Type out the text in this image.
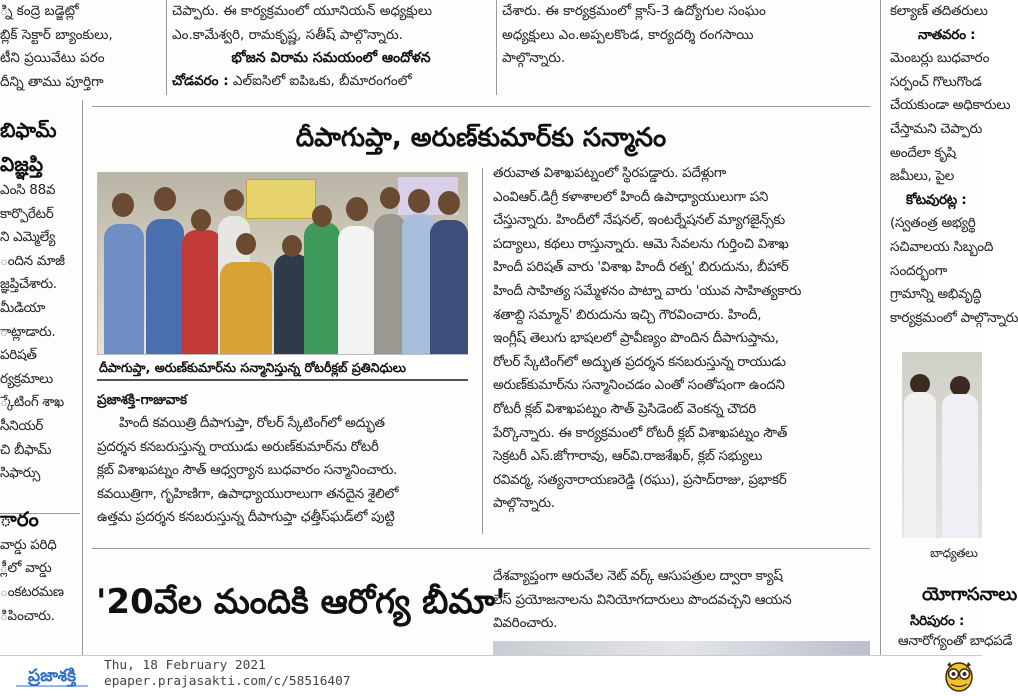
్ని కంద్రె బడ్జెట్లో
బ్లిక్ సెక్టార్ బ్యాంకులు,
టీని ప్రయివేటు పరం
దీన్ని తాము పూర్తిగా
చెప్పారు. ఈ కార్యక్రమంలో యూనియన్ అధ్యక్షులు
ఎం.కామేశ్వరి, రామకృష్ణ, సతీష్ పాల్గొన్నారు.
భోజన విరామ సమయంలో ఆందోళన
చోడవరం : ఎల్‌ఐసిలో ఐపిఒకు, బీమారంగంలో
చేశారు. ఈ కార్యక్రమంలో క్లాస్-3 ఉద్యోగుల సంఘం
అధ్యక్షులు ఎం.అప్పలకొండ, కార్యదర్శి రంగసాయి
పాల్గొన్నారు.
బిఫామ్
విజ్ఞప్తి
ఎంసి 88వ
కార్పొరేటర్
ని ఎమ్మెల్యే
ందిన మాజీ
జ్ఞప్తిచేశారు.
మీడియా
ాట్లాడారు.
పరిషత్
ర్యక్రమాలు
్కేటింగ్ శాఖ
సీనియర్
చి బీఫామ్
సిఫార్సు
ారం
వార్డు పరిధి
్లీలో వార్డు
ంకటరమణ
ిపించారు.
కల్యాణ్ తదితరులు
నాతవరం :
మెంబర్లు బుధవారం
సర్పంచ్ గొలుగొండ
చేయకుండా అధికారులు
చేస్తామని చెప్పారు
అందేలా కృషి
జమీలు, పైల
కోటవురట్ల :
(స్వతంత్ర అభ్యర్థి
సచివాలయ సిబ్బంది
సందర్భంగా
గ్రామాన్ని అభివృద్ధి
కార్యక్రమంలో పాల్గొన్నారు
బాధ్యతలు
యోగాసనాలు
సిరిపురం :
ఆనారోగ్యంతో బాధపడే
దీపాగుప్తా, అరుణ్‌కుమార్‌కు సన్మానం
దీపాగుప్తా, అరుణ్‌కుమార్‌ను సన్మానిస్తున్న రోటరీక్లబ్ ప్రతినిధులు
ప్రజాశక్తి-గాజువాక
హిందీ కవయిత్రి దీపాగుప్తా, రోలర్ స్కేటింగ్‌లో అద్భుత
ప్రదర్శన కనబరుస్తున్న రాయుడు అరుణ్‌కుమార్‌ను రోటరీ
క్లబ్ విశాఖపట్నం సౌత్ ఆధ్వర్యాన బుధవారం సన్మానించారు.
కవయిత్రిగా, గృహిణిగా, ఉపాధ్యాయురాలుగా తనదైన శైలిలో
ఉత్తమ ప్రదర్శన కనబరుస్తున్న దీపాగుప్తా ఛత్తీస్‌ఘడ్‌లో పుట్టి
తరువాత విశాఖపట్నంలో స్థిరపడ్డారు. పదేళ్లుగా
ఎంవిఆర్.డిగ్రీ కళాశాలలో హిందీ ఉపాధ్యాయులుగా పని
చేస్తున్నారు. హిందీలో నేషనల్, ఇంటర్నేషనల్ మ్యాగజైన్స్‌కు
పద్యాలు, కథలు రాస్తున్నారు. ఆమె సేవలను గుర్తించి విశాఖ
హిందీ పరిషత్ వారు 'విశాఖ హిందీ రత్న' బిరుదును, బీహార్
హిందీ సాహిత్య సమ్మేళనం పాట్నా వారు 'యువ సాహిత్యకారు
శతాబ్ది సమ్మాన్' బిరుదును ఇచ్చి గౌరవించారు. హిందీ,
ఇంగ్లీష్ తెలుగు భాషలలో ప్రావీణ్యం పొందిన దీపాగుప్తాను,
రోలర్ స్కేటింగ్‌లో అద్భుత ప్రదర్శన కనబరుస్తున్న రాయుడు
అరుణ్‌కుమార్‌ను సన్మానించడం ఎంతో సంతోషంగా ఉందని
రోటరీ క్లబ్ విశాఖపట్నం సౌత్ ప్రెసిడెంట్ వెంకన్న చౌదరి
పేర్కొన్నారు. ఈ కార్యక్రమంలో రోటరీ క్లబ్ విశాఖపట్నం సౌత్
సెక్రటరీ ఎస్.జోగారావు, ఆర్‌వి.రాజశేఖర్, క్లబ్ సభ్యులు
రవివర్మ, సత్యనారాయణరెడ్డి (రఘు), ప్రసాద్‌రాజు, ప్రభాకర్
పాల్గొన్నారు.
'20వేల మందికి ఆరోగ్య బీమా'
దేశవ్యాప్తంగా ఆరువేల నెట్ వర్క్ ఆసుపత్రుల ద్వారా క్యాష్
లెస్ ప్రయోజనాలను వినియోగదారులు పొందవచ్చని ఆయన
వివరించారు.
ప్రజాశక్తి
Thu, 18 February 2021
epaper.prajasakti.com/c/58516407
